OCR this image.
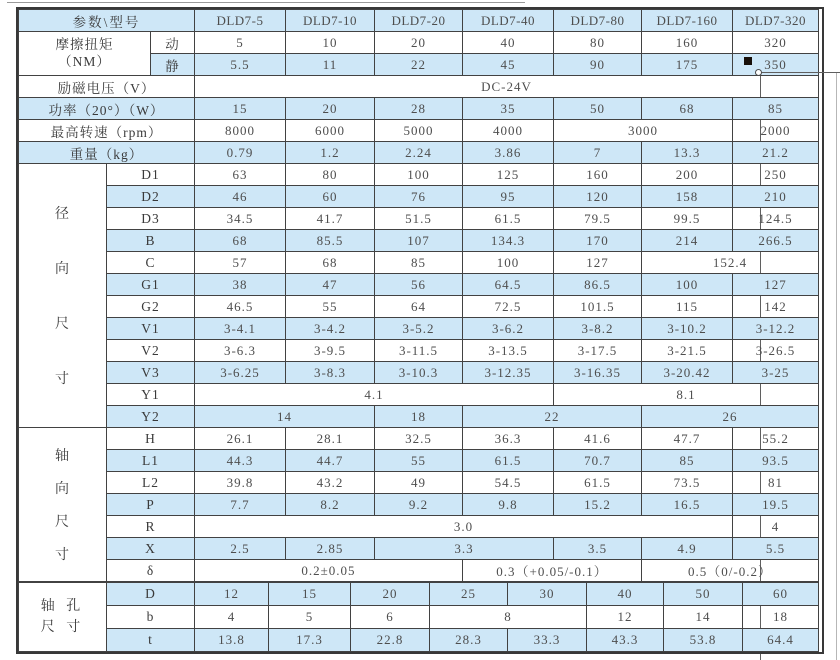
参数\型号			DLD7-5	DLD7-10	DLD7-20	DLD7-40	DLD7-80	DLD7-160	DLD7-320

摩擦扭矩
（NM）		动	5	10	20	40	80	160	320
		静	5.5	11	22	45	90	175	350
励磁电压（V）			DC-24V						
功率（20°）（W）			15	20	28	35	50	68	85
最高转速（rpm）			8000	6000	5000	4000	3000		2000
重量（kg）			0.79	1.2	2.24	3.86	7	13.3	21.2

径
向
尺
寸	D1		63	80	100	125	160	200	250
	D2		46	60	76	95	120	158	210
	D3		34.5	41.7	51.5	61.5	79.5	99.5	124.5
	B		68	85.5	107	134.3	170	214	266.5
	C		57	68	85	100	127	152.4	
	G1		38	47	56	64.5	86.5	100	127
	G2		46.5	55	64	72.5	101.5	115	142
	V1		3-4.1	3-4.2	3-5.2	3-6.2	3-8.2	3-10.2	3-12.2
	V2		3-6.3	3-9.5	3-11.5	3-13.5	3-17.5	3-21.5	3-26.5
	V3		3-6.25	3-8.3	3-10.3	3-12.35	3-16.35	3-20.42	3-25
	Y1		4.1				8.1		
	Y2		14		18	22		26	

轴
向
尺
寸	H		26.1	28.1	32.5	36.3	41.6	47.7	55.2
	L1		44.3	44.7	55	61.5	70.7	85	93.5
	L2		39.8	43.2	49	54.5	61.5	73.5	81
	P		7.7	8.2	9.2	9.8	15.2	16.5	19.5
	R		3.0						4
	X		2.5	2.85	3.3		3.5	4.9	5.5
	δ		0.2±0.05			0.3（+0.05/-0.1）		0.5（0/-0.2）	
轴 孔
尺 寸	D	12	15	20	25	30	40	50	60
	b	4	5	6	8		12	14	18
	t	13.8	17.3	22.8	28.3	33.3	43.3	53.8	64.4
